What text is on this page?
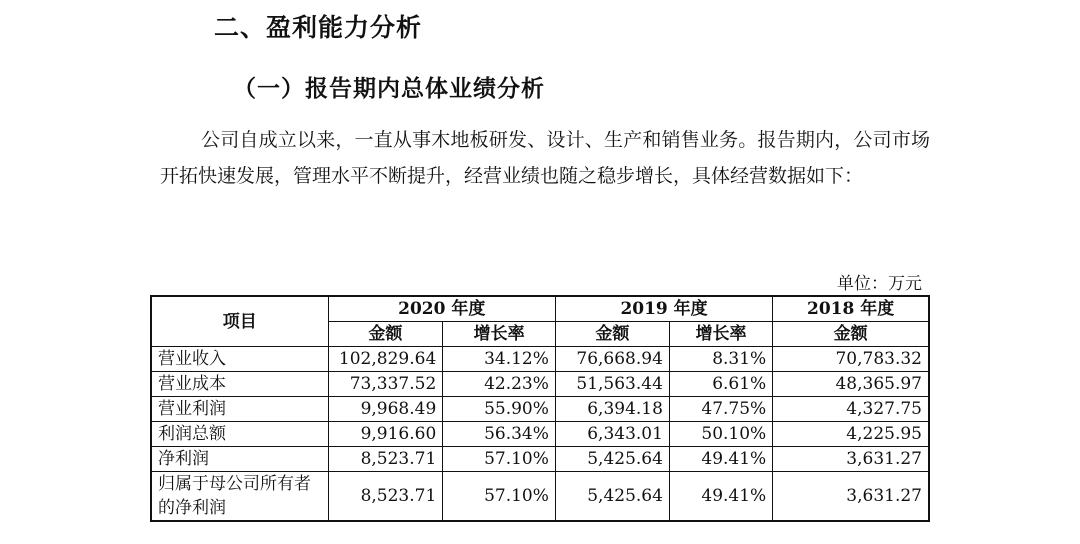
二、盈利能力分析
（一）报告期内总体业绩分析

公司自成立以来，一直从事木地板研发、设计、生产和销售业务。报告期内，公司市场开拓快速发展，管理水平不断提升，经营业绩也随之稳步增长，具体经营数据如下：

单位：万元
项目	2020 年度		2019 年度		2018 年度
	金额	增长率	金额	增长率	金额
营业收入	102,829.64	34.12%	76,668.94	8.31%	70,783.32
营业成本	73,337.52	42.23%	51,563.44	6.61%	48,365.97
营业利润	9,968.49	55.90%	6,394.18	47.75%	4,327.75
利润总额	9,916.60	56.34%	6,343.01	50.10%	4,225.95
净利润	8,523.71	57.10%	5,425.64	49.41%	3,631.27
归属于母公司所有者的净利润	8,523.71	57.10%	5,425.64	49.41%	3,631.27
